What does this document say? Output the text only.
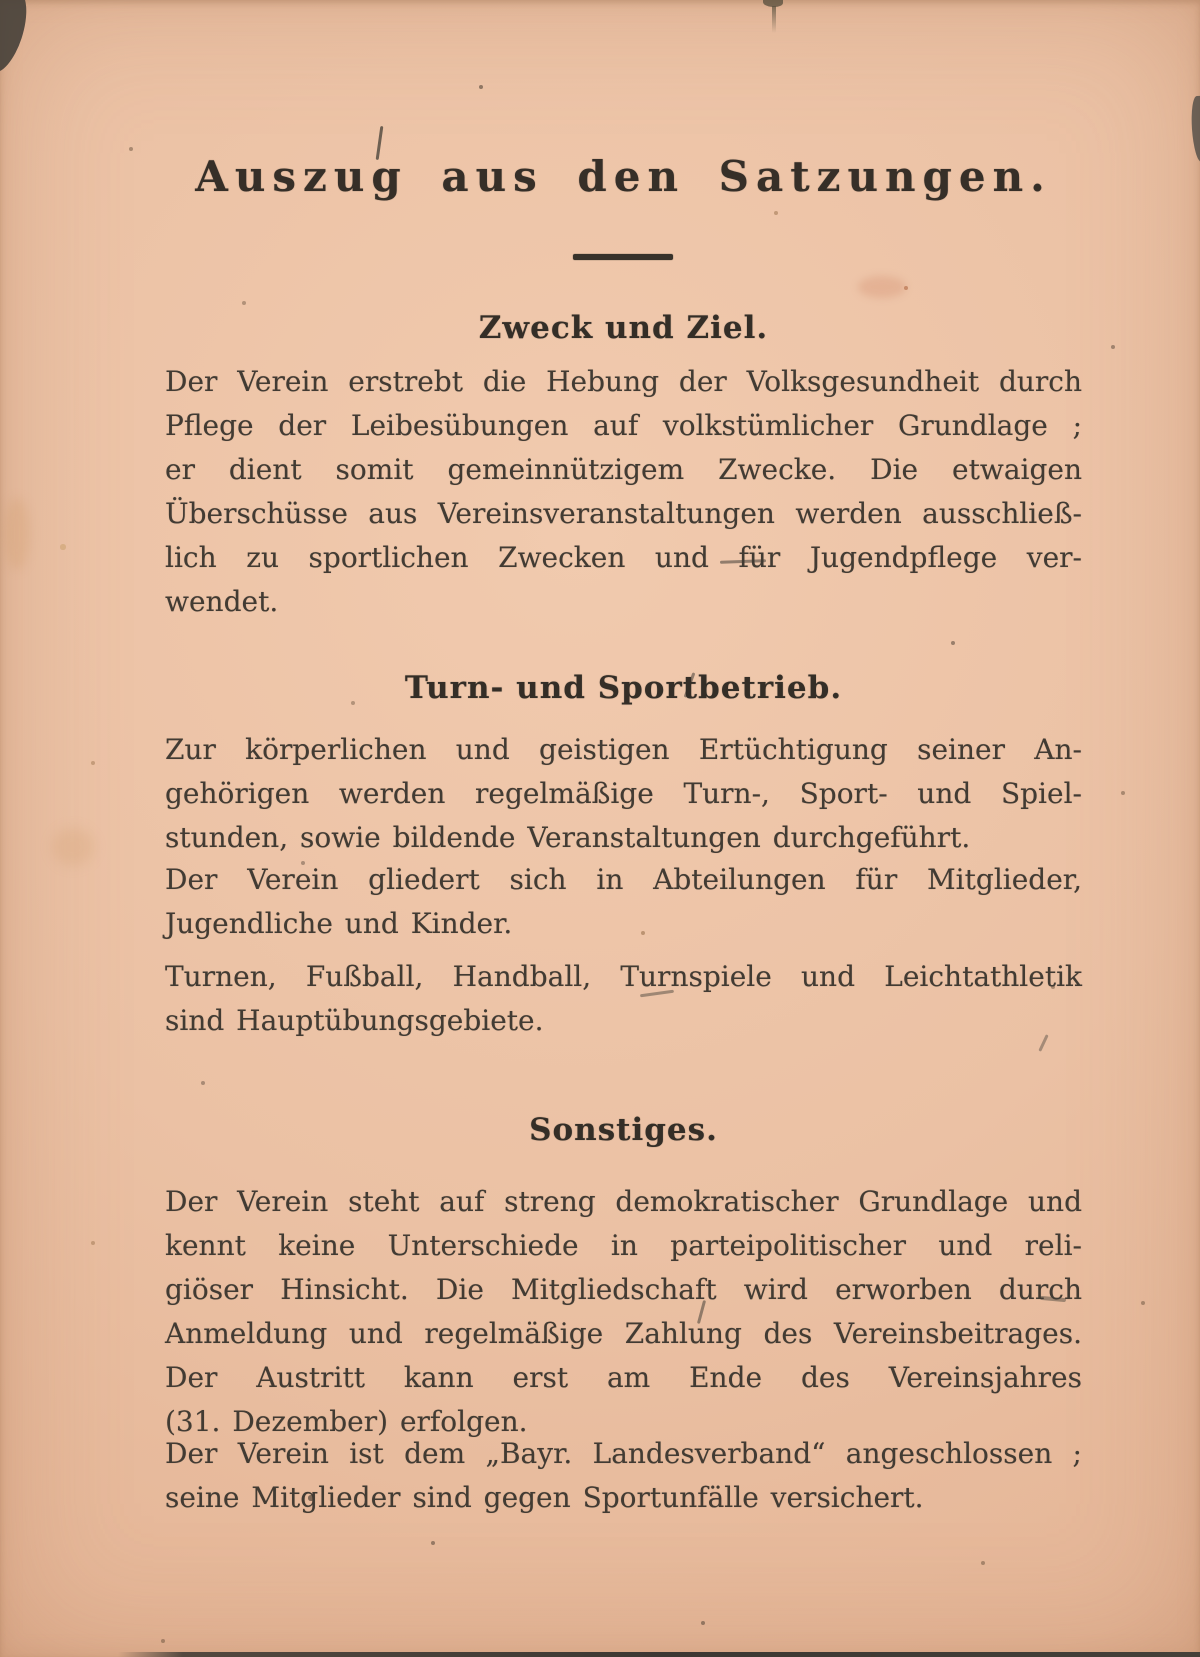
Auszug aus den Satzungen.
Zweck und Ziel.
Der Verein erstrebt die Hebung der Volksgesundheit durch
Pflege der Leibesübungen auf volkstümlicher Grundlage ;
er dient somit gemeinnützigem Zwecke. Die etwaigen
Überschüsse aus Vereinsveranstaltungen werden ausschließ-
lich zu sportlichen Zwecken und für Jugendpflege ver-
wendet.
Turn- und Sportbetrieb.
Zur körperlichen und geistigen Ertüchtigung seiner An-
gehörigen werden regelmäßige Turn-, Sport- und Spiel-
stunden, sowie bildende Veranstaltungen durchgeführt.
Der Verein gliedert sich in Abteilungen für Mitglieder,
Jugendliche und Kinder.
Turnen, Fußball, Handball, Turnspiele und Leichtathletik
sind Hauptübungsgebiete.
Sonstiges.
Der Verein steht auf streng demokratischer Grundlage und
kennt keine Unterschiede in parteipolitischer und reli-
giöser Hinsicht. Die Mitgliedschaft wird erworben durch
Anmeldung und regelmäßige Zahlung des Vereinsbeitrages.
Der Austritt kann erst am Ende des Vereinsjahres
(31. Dezember) erfolgen.
Der Verein ist dem „Bayr. Landesverband“ angeschlossen ;
seine Mitglieder sind gegen Sportunfälle versichert.
